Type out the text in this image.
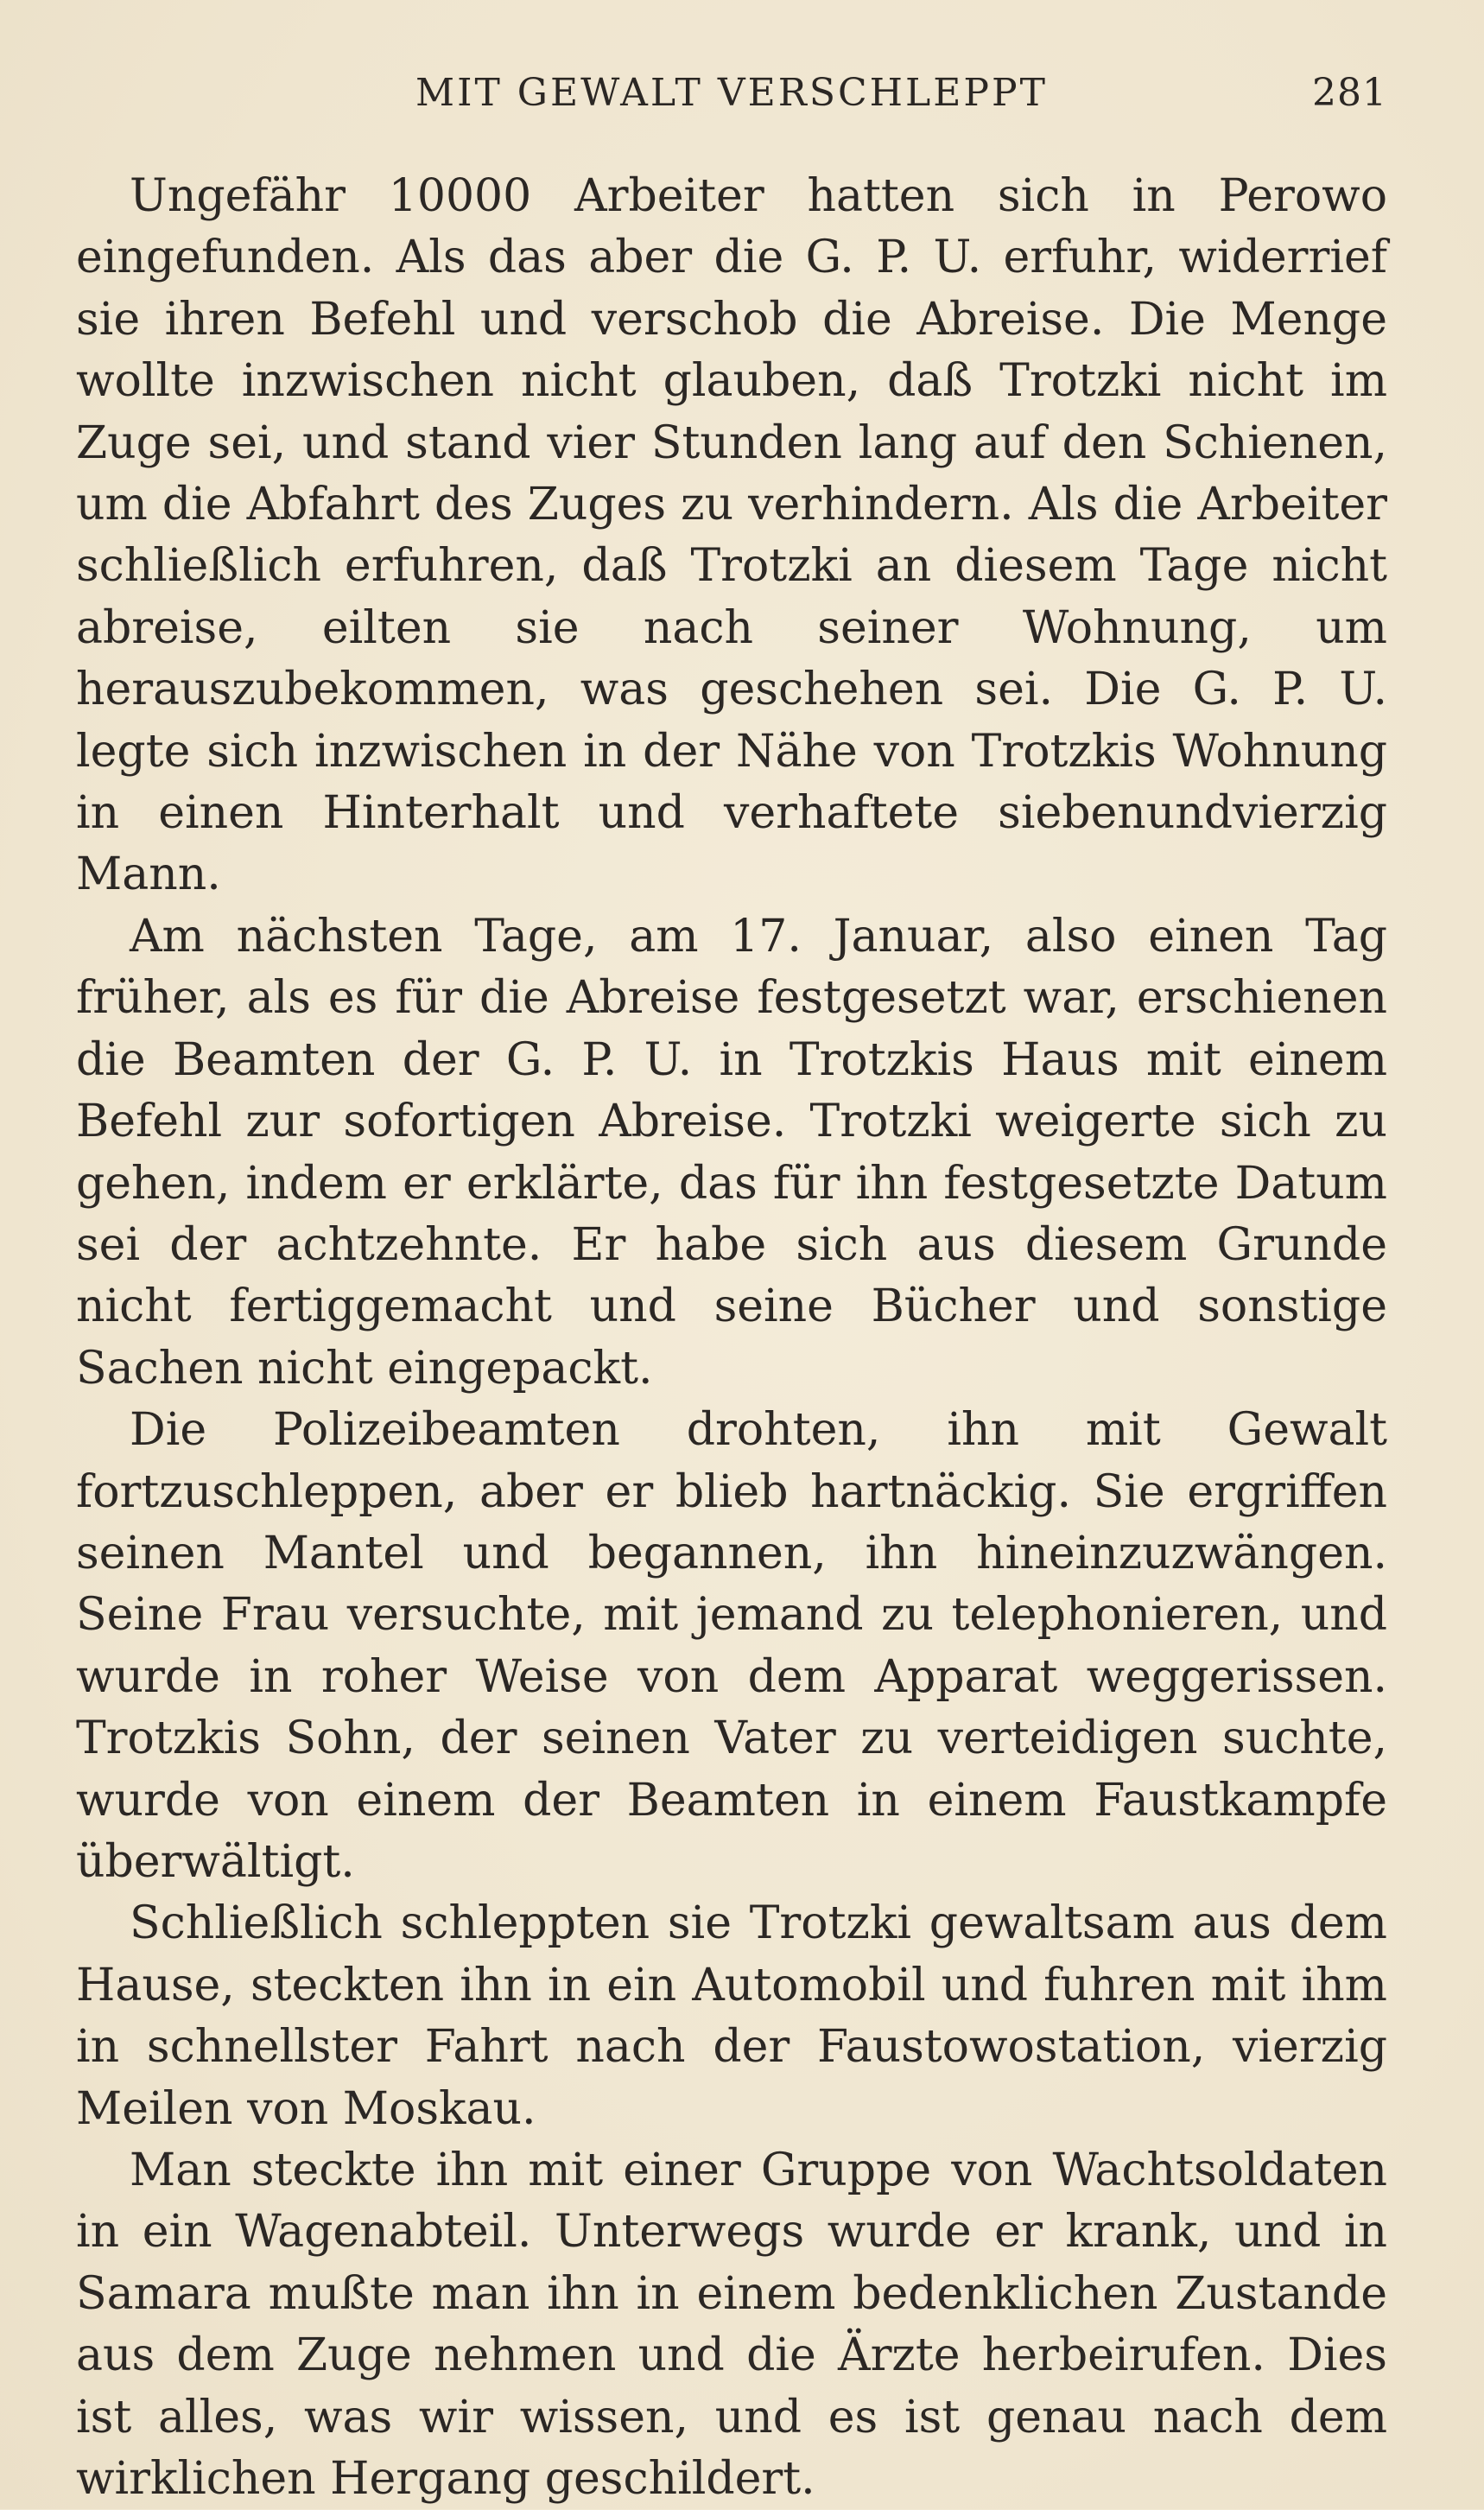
MIT GEWALT VERSCHLEPPT	281

Ungefähr 10000 Arbeiter hatten sich in Perowo eingefunden. Als das aber die G. P. U. erfuhr, widerrief sie ihren Befehl und verschob die Abreise. Die Menge wollte inzwischen nicht glauben, daß Trotzki nicht im Zuge sei, und stand vier Stunden lang auf den Schienen, um die Abfahrt des Zuges zu verhindern. Als die Arbeiter schließlich erfuhren, daß Trotzki an diesem Tage nicht abreise, eilten sie nach seiner Wohnung, um herauszubekommen, was geschehen sei. Die G. P. U. legte sich inzwischen in der Nähe von Trotzkis Wohnung in einen Hinterhalt und verhaftete siebenundvierzig Mann.

Am nächsten Tage, am 17. Januar, also einen Tag früher, als es für die Abreise festgesetzt war, erschienen die Beamten der G. P. U. in Trotzkis Haus mit einem Befehl zur sofortigen Abreise. Trotzki weigerte sich zu gehen, indem er erklärte, das für ihn festgesetzte Datum sei der achtzehnte. Er habe sich aus diesem Grunde nicht fertiggemacht und seine Bücher und sonstige Sachen nicht eingepackt.

Die Polizeibeamten drohten, ihn mit Gewalt fortzuschleppen, aber er blieb hartnäckig. Sie ergriffen seinen Mantel und begannen, ihn hineinzuzwängen. Seine Frau versuchte, mit jemand zu telephonieren, und wurde in roher Weise von dem Apparat weggerissen. Trotzkis Sohn, der seinen Vater zu verteidigen suchte, wurde von einem der Beamten in einem Faustkampfe überwältigt.

Schließlich schleppten sie Trotzki gewaltsam aus dem Hause, steckten ihn in ein Automobil und fuhren mit ihm in schnellster Fahrt nach der Faustowostation, vierzig Meilen von Moskau.

Man steckte ihn mit einer Gruppe von Wachtsoldaten in ein Wagenabteil. Unterwegs wurde er krank, und in Samara mußte man ihn in einem bedenklichen Zustande aus dem Zuge nehmen und die Ärzte herbeirufen. Dies ist alles, was wir wissen, und es ist genau nach dem wirklichen Hergang geschildert.
